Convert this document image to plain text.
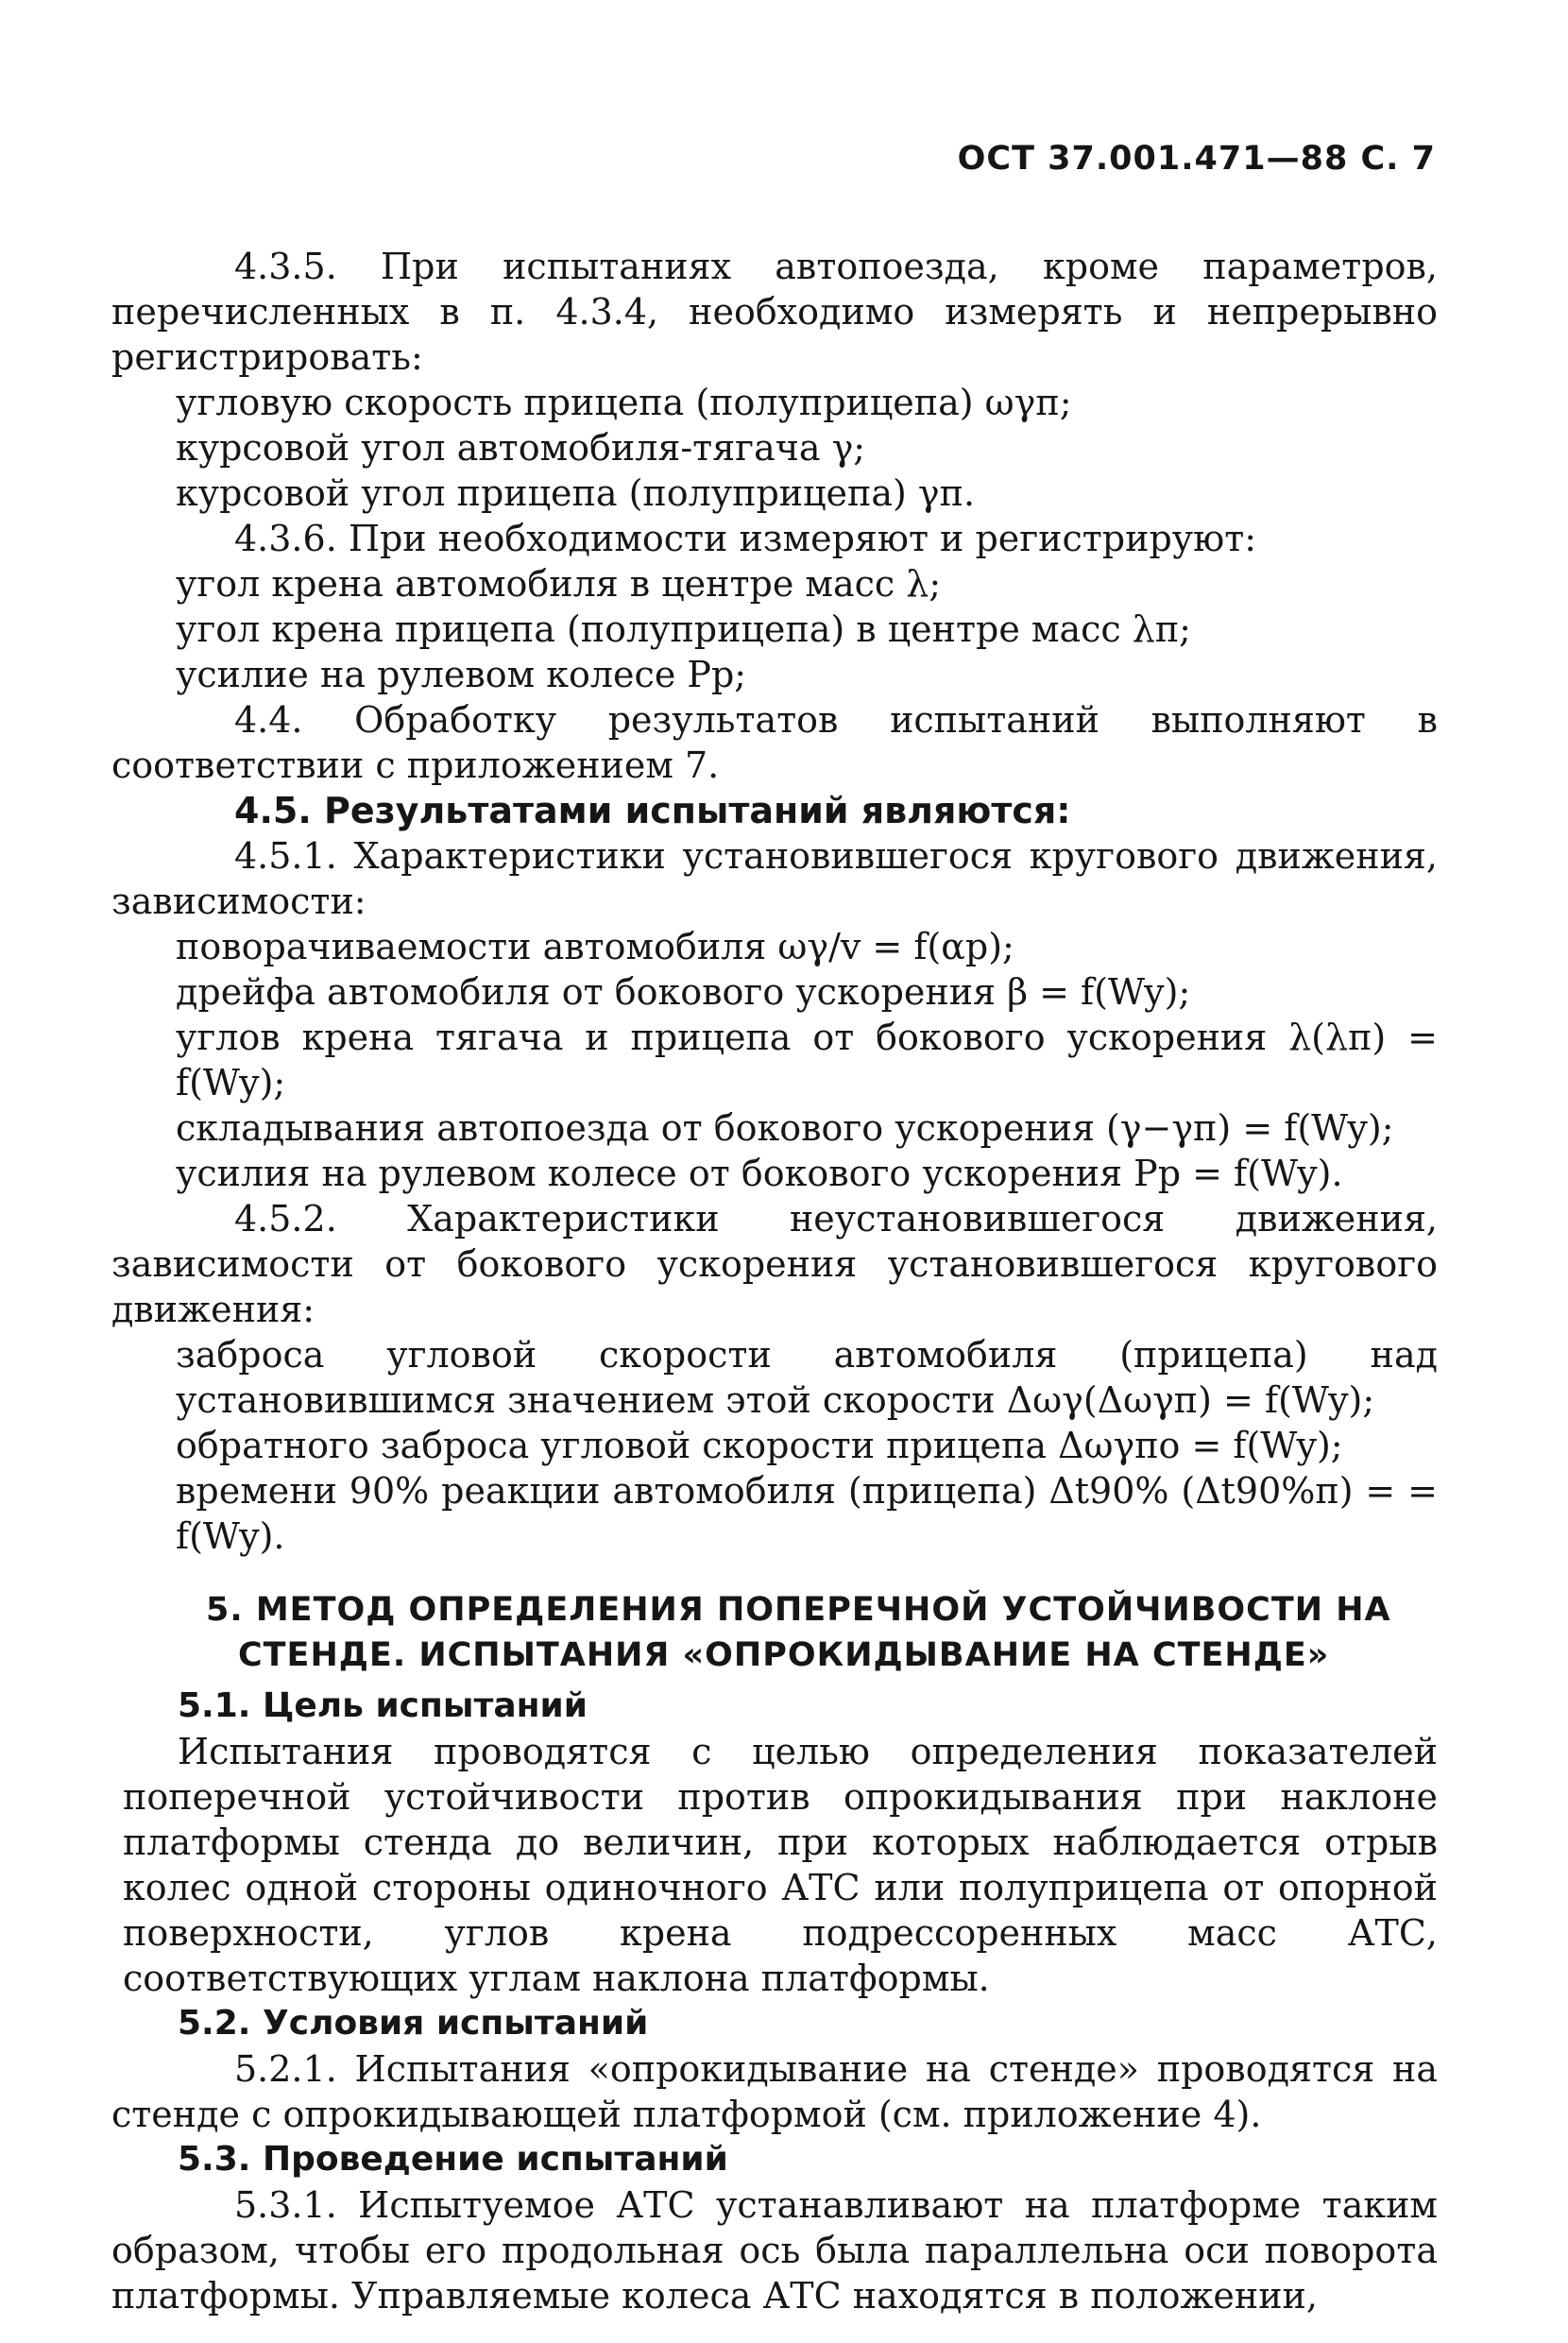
ОСТ 37.001.471—88 С. 7

4.3.5. При испытаниях автопоезда, кроме параметров, перечисленных в п. 4.3.4, необходимо измерять и непрерывно регистрировать:

угловую скорость прицепа (полуприцепа) ωγп;

курсовой угол автомобиля-тягача γ;

курсовой угол прицепа (полуприцепа) γп.

4.3.6. При необходимости измеряют и регистрируют:

угол крена автомобиля в центре масс λ;

угол крена прицепа (полуприцепа) в центре масс λп;

усилие на рулевом колесе Pр;

4.4. Обработку результатов испытаний выполняют в соответствии с приложением 7.

4.5. Результатами испытаний являются:

4.5.1. Характеристики установившегося кругового движения, зависимости:

поворачиваемости автомобиля ωγ/v = f(αр);

дрейфа автомобиля от бокового ускорения β = f(Wy);

углов крена тягача и прицепа от бокового ускорения λ(λп) = f(Wy);

складывания автопоезда от бокового ускорения (γ−γп) = f(Wy);

усилия на рулевом колесе от бокового ускорения Pр = f(Wy).

4.5.2. Характеристики неустановившегося движения, зависимости от бокового ускорения установившегося кругового движения:

заброса угловой скорости автомобиля (прицепа) над установившимся значением этой скорости Δωγ(Δωγп) = f(Wy);

обратного заброса угловой скорости прицепа Δωγпо = f(Wy);

времени 90% реакции автомобиля (прицепа) Δt90% (Δt90%п) = = f(Wy).

5. МЕТОД ОПРЕДЕЛЕНИЯ ПОПЕРЕЧНОЙ УСТОЙЧИВОСТИ НА
СТЕНДЕ. ИСПЫТАНИЯ «ОПРОКИДЫВАНИЕ НА СТЕНДЕ»
5.1. Цель испытаний

Испытания проводятся с целью определения показателей поперечной устойчивости против опрокидывания при наклоне платформы стенда до величин, при которых наблюдается отрыв колес одной стороны одиночного АТС или полуприцепа от опорной поверхности, углов крена подрессоренных масс АТС, соответствующих углам наклона платформы.

5.2. Условия испытаний

5.2.1. Испытания «опрокидывание на стенде» проводятся на стенде с опрокидывающей платформой (см. приложение 4).

5.3. Проведение испытаний

5.3.1. Испытуемое АТС устанавливают на платформе таким образом, чтобы его продольная ось была параллельна оси поворота платформы. Управляемые колеса АТС находятся в положении,
